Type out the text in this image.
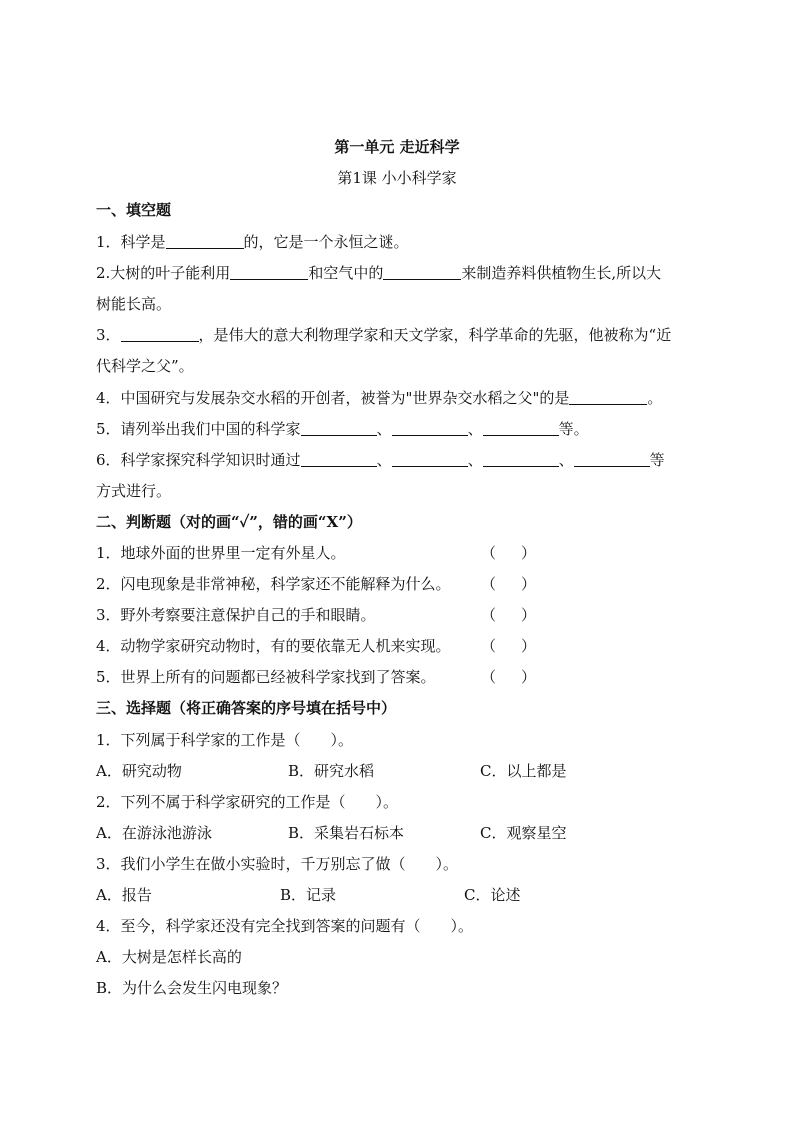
第一单元 走近科学
第1课 小小科学家
一、填空题
1．科学是	的，它是一个永恒之谜。
2.大树的叶子能利用	和空气中的	来制造养料供植物生长,所以大
树能长高。
3．	，是伟大的意大利物理学家和天文学家，科学革命的先驱，他被称为“近
代科学之父”。
4．中国研究与发展杂交水稻的开创者，被誉为"世界杂交水稻之父"的是	。
5．请列举出我们中国的科学家	、	、	等。
6．科学家探究科学知识时通过	、	、	、	等
方式进行。
二、判断题（对的画“✓”，错的画“X”）
1．地球外面的世界里一定有外星人。	（ ）
2．闪电现象是非常神秘，科学家还不能解释为什么。 （ ）
3．野外考察要注意保护自己的手和眼睛。	（ ）
4．动物学家研究动物时，有的要依靠无人机来实现。 （ ）
5．世界上所有的问题都已经被科学家找到了答案。	（ ）
三、选择题（将正确答案的序号填在括号中）
1．下列属于科学家的工作是（　　）。
A．研究动物	B．研究水稻	C．以上都是
2．下列不属于科学家研究的工作是（　　）。
A．在游泳池游泳	B．采集岩石标本	C．观察星空
3．我们小学生在做小实验时，千万别忘了做（　　）。
A．报告	B．记录	C．论述
4．至今，科学家还没有完全找到答案的问题有（　　）。
A．大树是怎样长高的
B．为什么会发生闪电现象？
